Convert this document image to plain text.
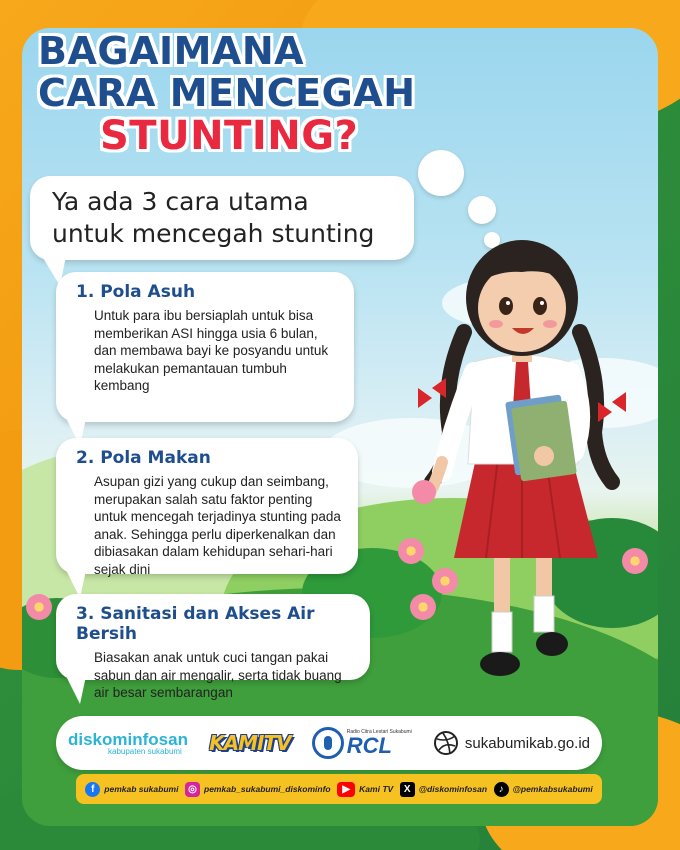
BAGAIMANA
CARA MENCEGAH
STUNTING?

Ya ada 3 cara utama

untuk mencegah stunting

1. Pola Asuh

Untuk para ibu bersiaplah untuk bisa memberikan ASI hingga usia 6 bulan, dan membawa bayi ke posyandu untuk melakukan pemantauan tumbuh kembang

2. Pola Makan

Asupan gizi yang cukup dan seimbang, merupakan salah satu faktor penting untuk mencegah terjadinya stunting pada anak. Sehingga perlu diperkenalkan dan dibiasakan dalam kehidupan sehari-hari sejak dini

3. Sanitasi dan Akses Air Bersih

Biasakan anak untuk cuci tangan pakai sabun dan air mengalir, serta tidak buang air besar sembarangan

diskominfosan
kabupaten sukabumi	KAMITV	Radio Citra Lestari Sukabumi
RCL	sukabumikab.go.id
f	pemkab sukabumi ◎ pemkab_sukabumi_diskominfo	▶	Kami TV	X @diskominfosan	♪	@pemkabsukabumi
